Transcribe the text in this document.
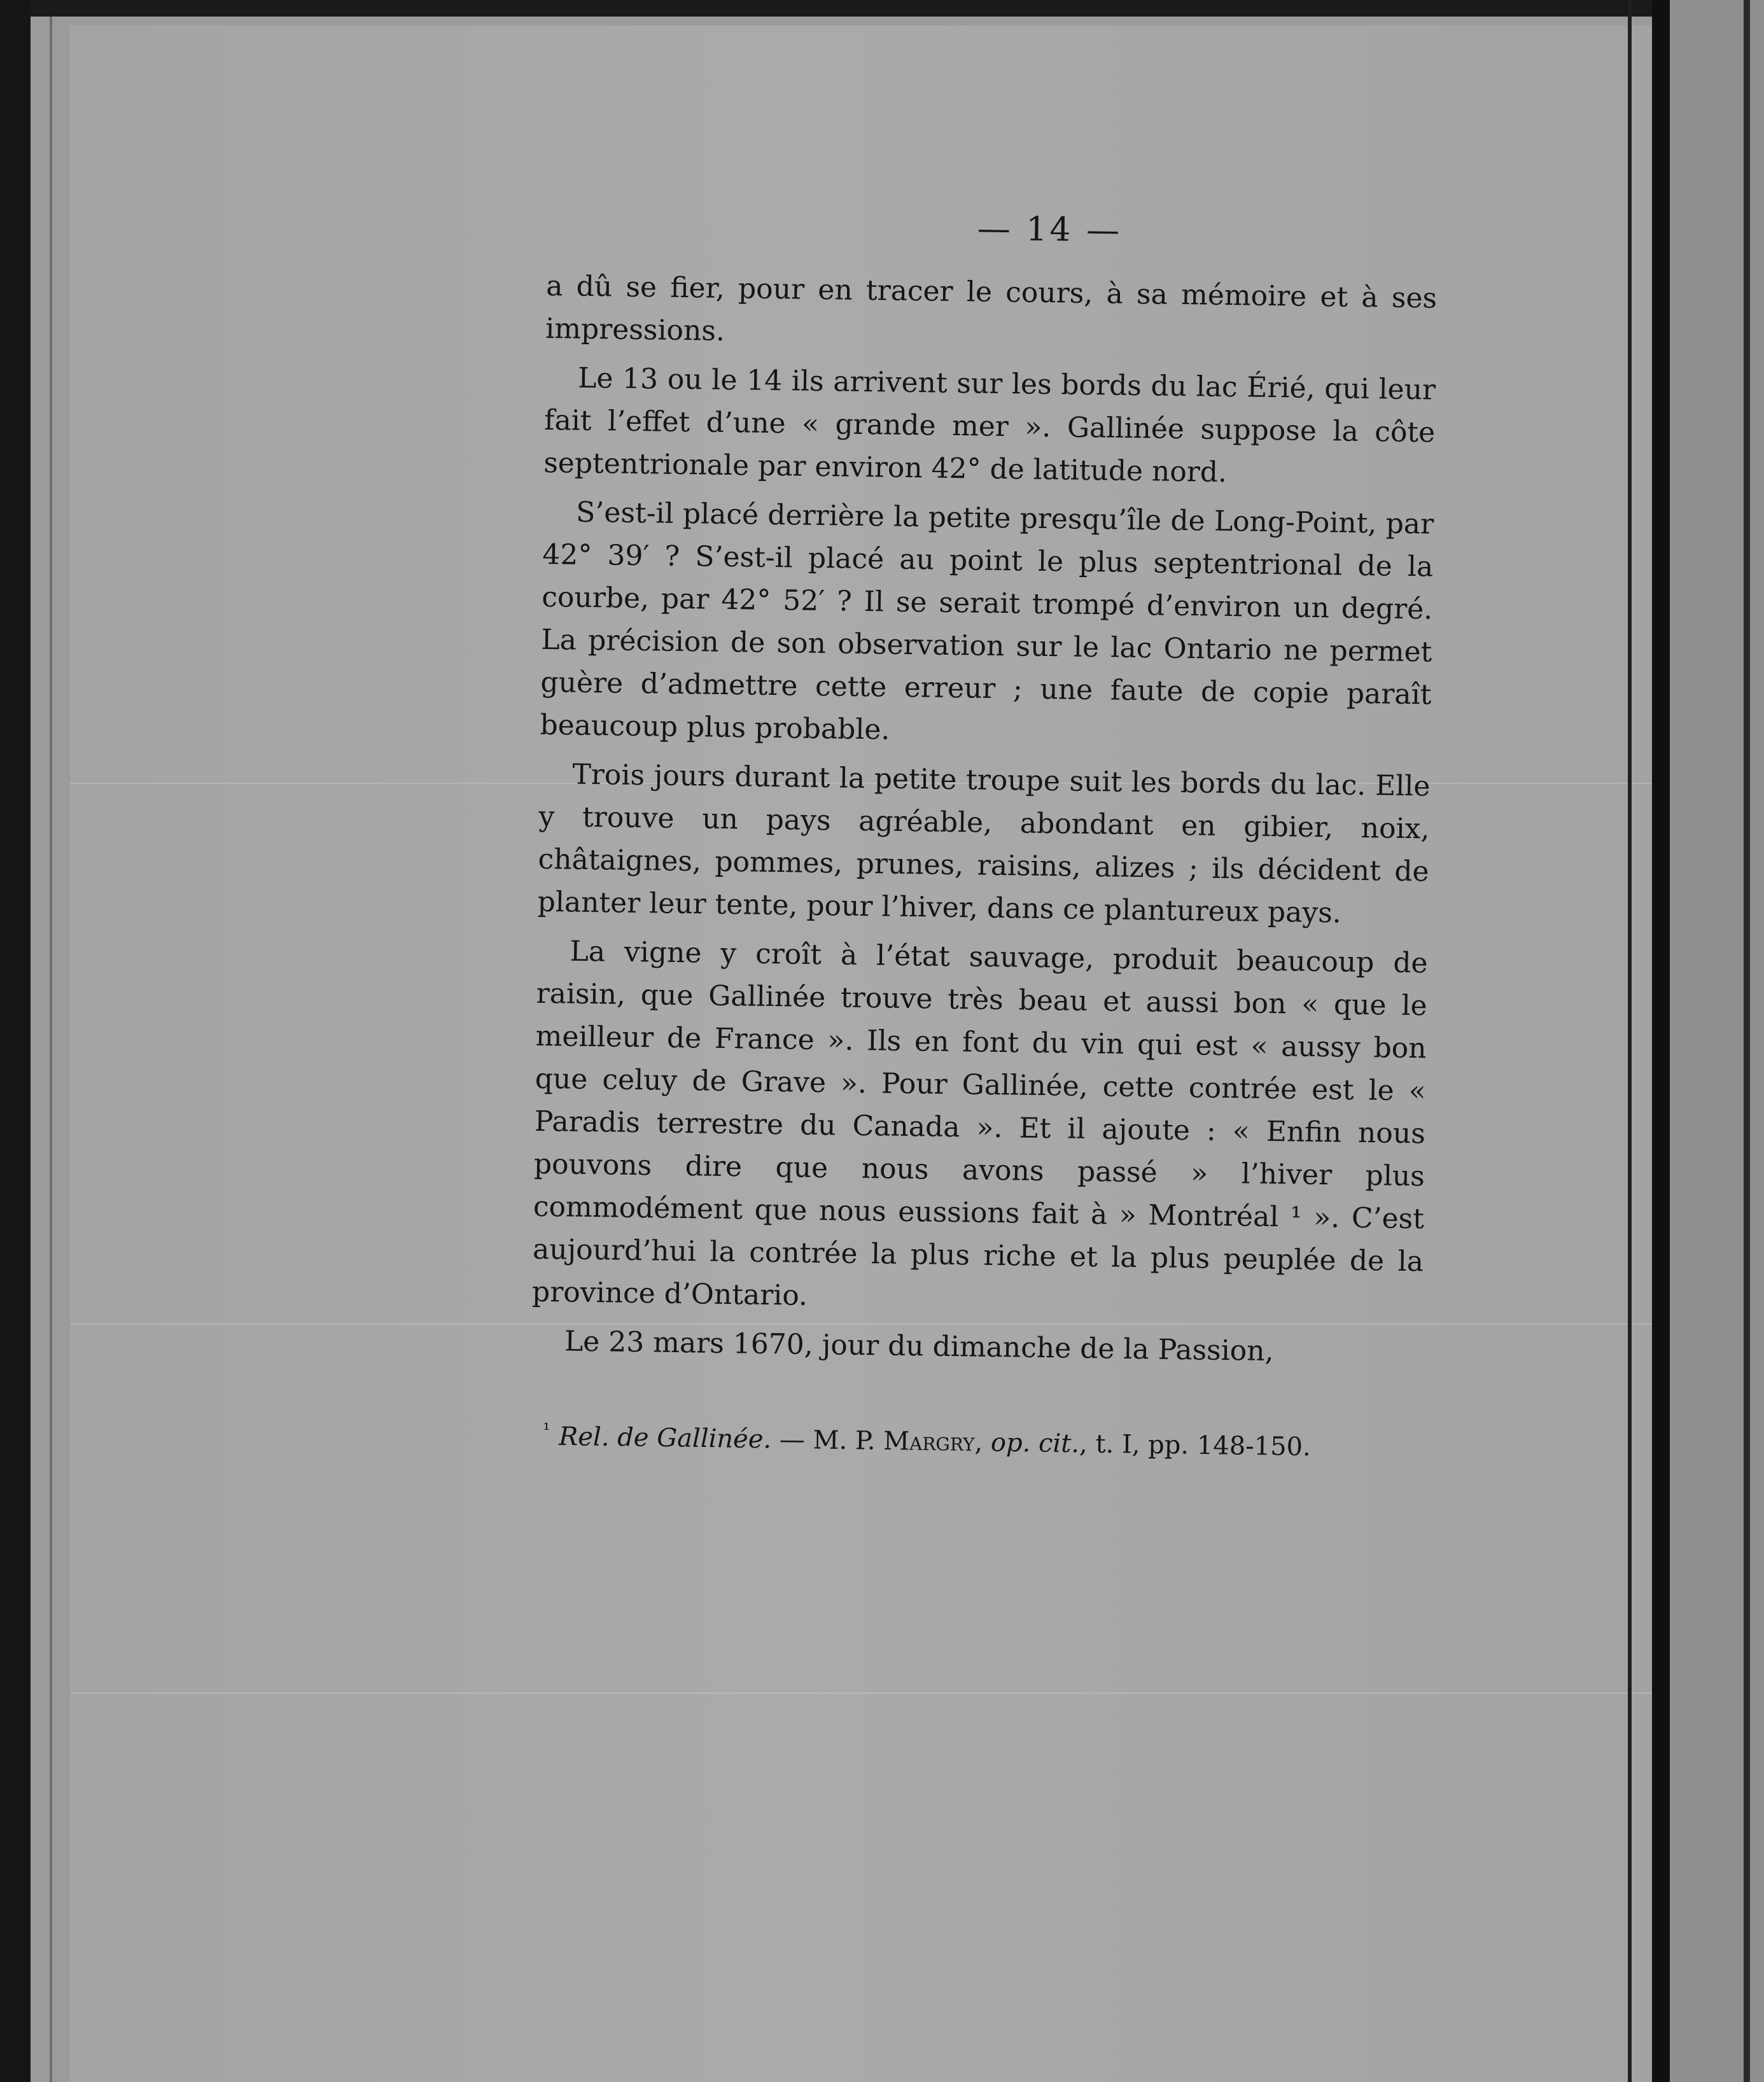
— 14 —

a dû se fier, pour en tracer le cours, à sa mémoire et à ses impressions.

Le 13 ou le 14 ils arrivent sur les bords du lac Érié, qui leur fait l’effet d’une « grande mer ». Gallinée suppose la côte septentrionale par environ 42° de latitude nord.

S’est-il placé derrière la petite presqu’île de Long-Point, par 42° 39′ ? S’est-il placé au point le plus septentrional de la courbe, par 42° 52′ ? Il se serait trompé d’environ un degré. La précision de son observation sur le lac Ontario ne permet guère d’admettre cette erreur ; une faute de copie paraît beaucoup plus probable.

Trois jours durant la petite troupe suit les bords du lac. Elle y trouve un pays agréable, abondant en gibier, noix, châtaignes, pommes, prunes, raisins, alizes ; ils décident de planter leur tente, pour l’hiver, dans ce plantureux pays.

La vigne y croît à l’état sauvage, produit beaucoup de raisin, que Gallinée trouve très beau et aussi bon « que le meilleur de France ». Ils en font du vin qui est « aussy bon que celuy de Grave ». Pour Gallinée, cette contrée est le « Paradis terrestre du Canada ». Et il ajoute : « Enfin nous pouvons dire que nous avons passé » l’hiver plus commodément que nous eussions fait à » Montréal ¹ ». C’est aujourd’hui la contrée la plus riche et la plus peuplée de la province d’Ontario.

Le 23 mars 1670, jour du dimanche de la Passion,

$^{^1}$ Rel. de Gallinée. — M. P. Margry, op. cit., t. I, pp. 148-150.
